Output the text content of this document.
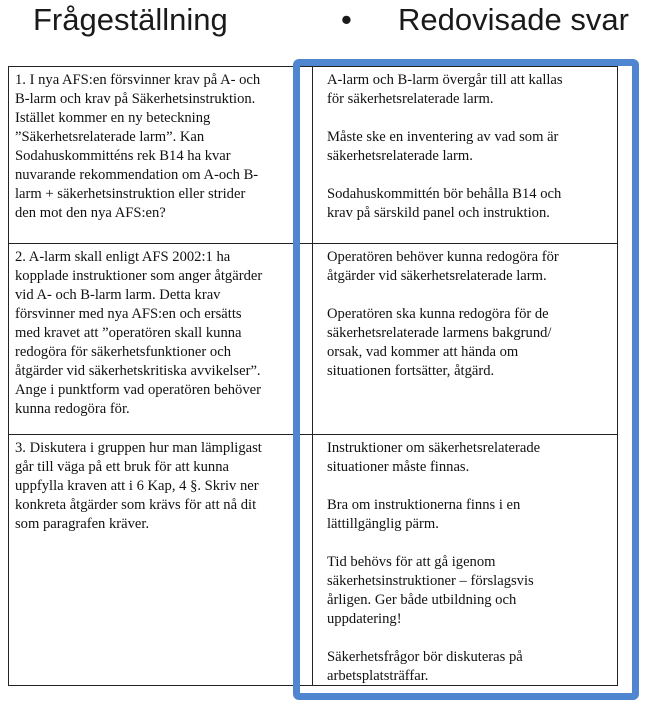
Frågeställning	• Redovisade svar
1. I nya AFS:en försvinner krav på A- och
B-larm och krav på Säkerhetsinstruktion.
Istället kommer en ny beteckning
”Säkerhetsrelaterade larm”. Kan
Sodahuskommitténs rek B14 ha kvar
nuvarande rekommendation om A-och B-
larm + säkerhetsinstruktion eller strider
den mot den nya AFS:en?
A-larm och B-larm övergår till att kallas
för säkerhetsrelaterade larm.
Måste ske en inventering av vad som är
säkerhetsrelaterade larm.
Sodahuskommittén bör behålla B14 och
krav på särskild panel och instruktion.
2. A-larm skall enligt AFS 2002:1 ha
kopplade instruktioner som anger åtgärder
vid A- och B-larm larm. Detta krav
försvinner med nya AFS:en och ersätts
med kravet att ”operatören skall kunna
redogöra för säkerhetsfunktioner och
åtgärder vid säkerhetskritiska avvikelser”.
Ange i punktform vad operatören behöver
kunna redogöra för.
Operatören behöver kunna redogöra för
åtgärder vid säkerhetsrelaterade larm.
Operatören ska kunna redogöra för de
säkerhetsrelaterade larmens bakgrund/
orsak, vad kommer att hända om
situationen fortsätter, åtgärd.
3. Diskutera i gruppen hur man lämpligast
går till väga på ett bruk för att kunna
uppfylla kraven att i 6 Kap, 4 §. Skriv ner
konkreta åtgärder som krävs för att nå dit
som paragrafen kräver.
Instruktioner om säkerhetsrelaterade
situationer måste finnas.
Bra om instruktionerna finns i en
lättillgänglig pärm.
Tid behövs för att gå igenom
säkerhetsinstruktioner – förslagsvis
årligen. Ger både utbildning och
uppdatering!
Säkerhetsfrågor bör diskuteras på
arbetsplatsträffar.
